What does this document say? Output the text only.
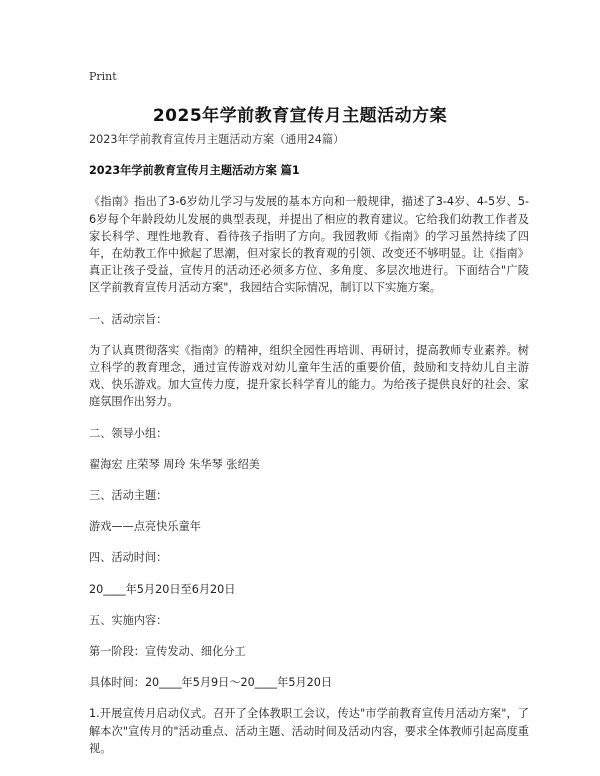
Print
2025年学前教育宣传月主题活动方案

2023年学前教育宣传月主题活动方案（通用24篇）

2023年学前教育宣传月主题活动方案 篇1

《指南》指出了3-6岁幼儿学习与发展的基本方向和一般规律，描述了3-4岁、4-5岁、5-6岁每个年龄段幼儿发展的典型表现，并提出了相应的教育建议。它给我们幼教工作者及家长科学、理性地教育、看待孩子指明了方向。我园教师《指南》的学习虽然持续了四年，在幼教工作中掀起了思潮，但对家长的教育观的引领、改变还不够明显。让《指南》真正让孩子受益，宣传月的活动还必须多方位、多角度、多层次地进行。下面结合"广陵区学前教育宣传月活动方案"，我园结合实际情况，制订以下实施方案。

一、活动宗旨：

为了认真贯彻落实《指南》的精神，组织全园性再培训、再研讨，提高教师专业素养。树立科学的教育理念，通过宣传游戏对幼儿童年生活的重要价值，鼓励和支持幼儿自主游戏、快乐游戏。加大宣传力度，提升家长科学育儿的能力。为给孩子提供良好的社会、家庭氛围作出努力。

二、领导小组：

翟海宏 庄荣琴 周玲 朱华琴 张绍美

三、活动主题：

游戏——点亮快乐童年

四、活动时间：

20____年5月20日至6月20日

五、实施内容：

第一阶段：宣传发动、细化分工

具体时间：20____年5月9日～20____年5月20日

1.开展宣传月启动仪式。召开了全体教职工会议，传达"市学前教育宣传月活动方案"，了解本次"宣传月的"活动重点、活动主题、活动时间及活动内容，要求全体教师引起高度重视。
